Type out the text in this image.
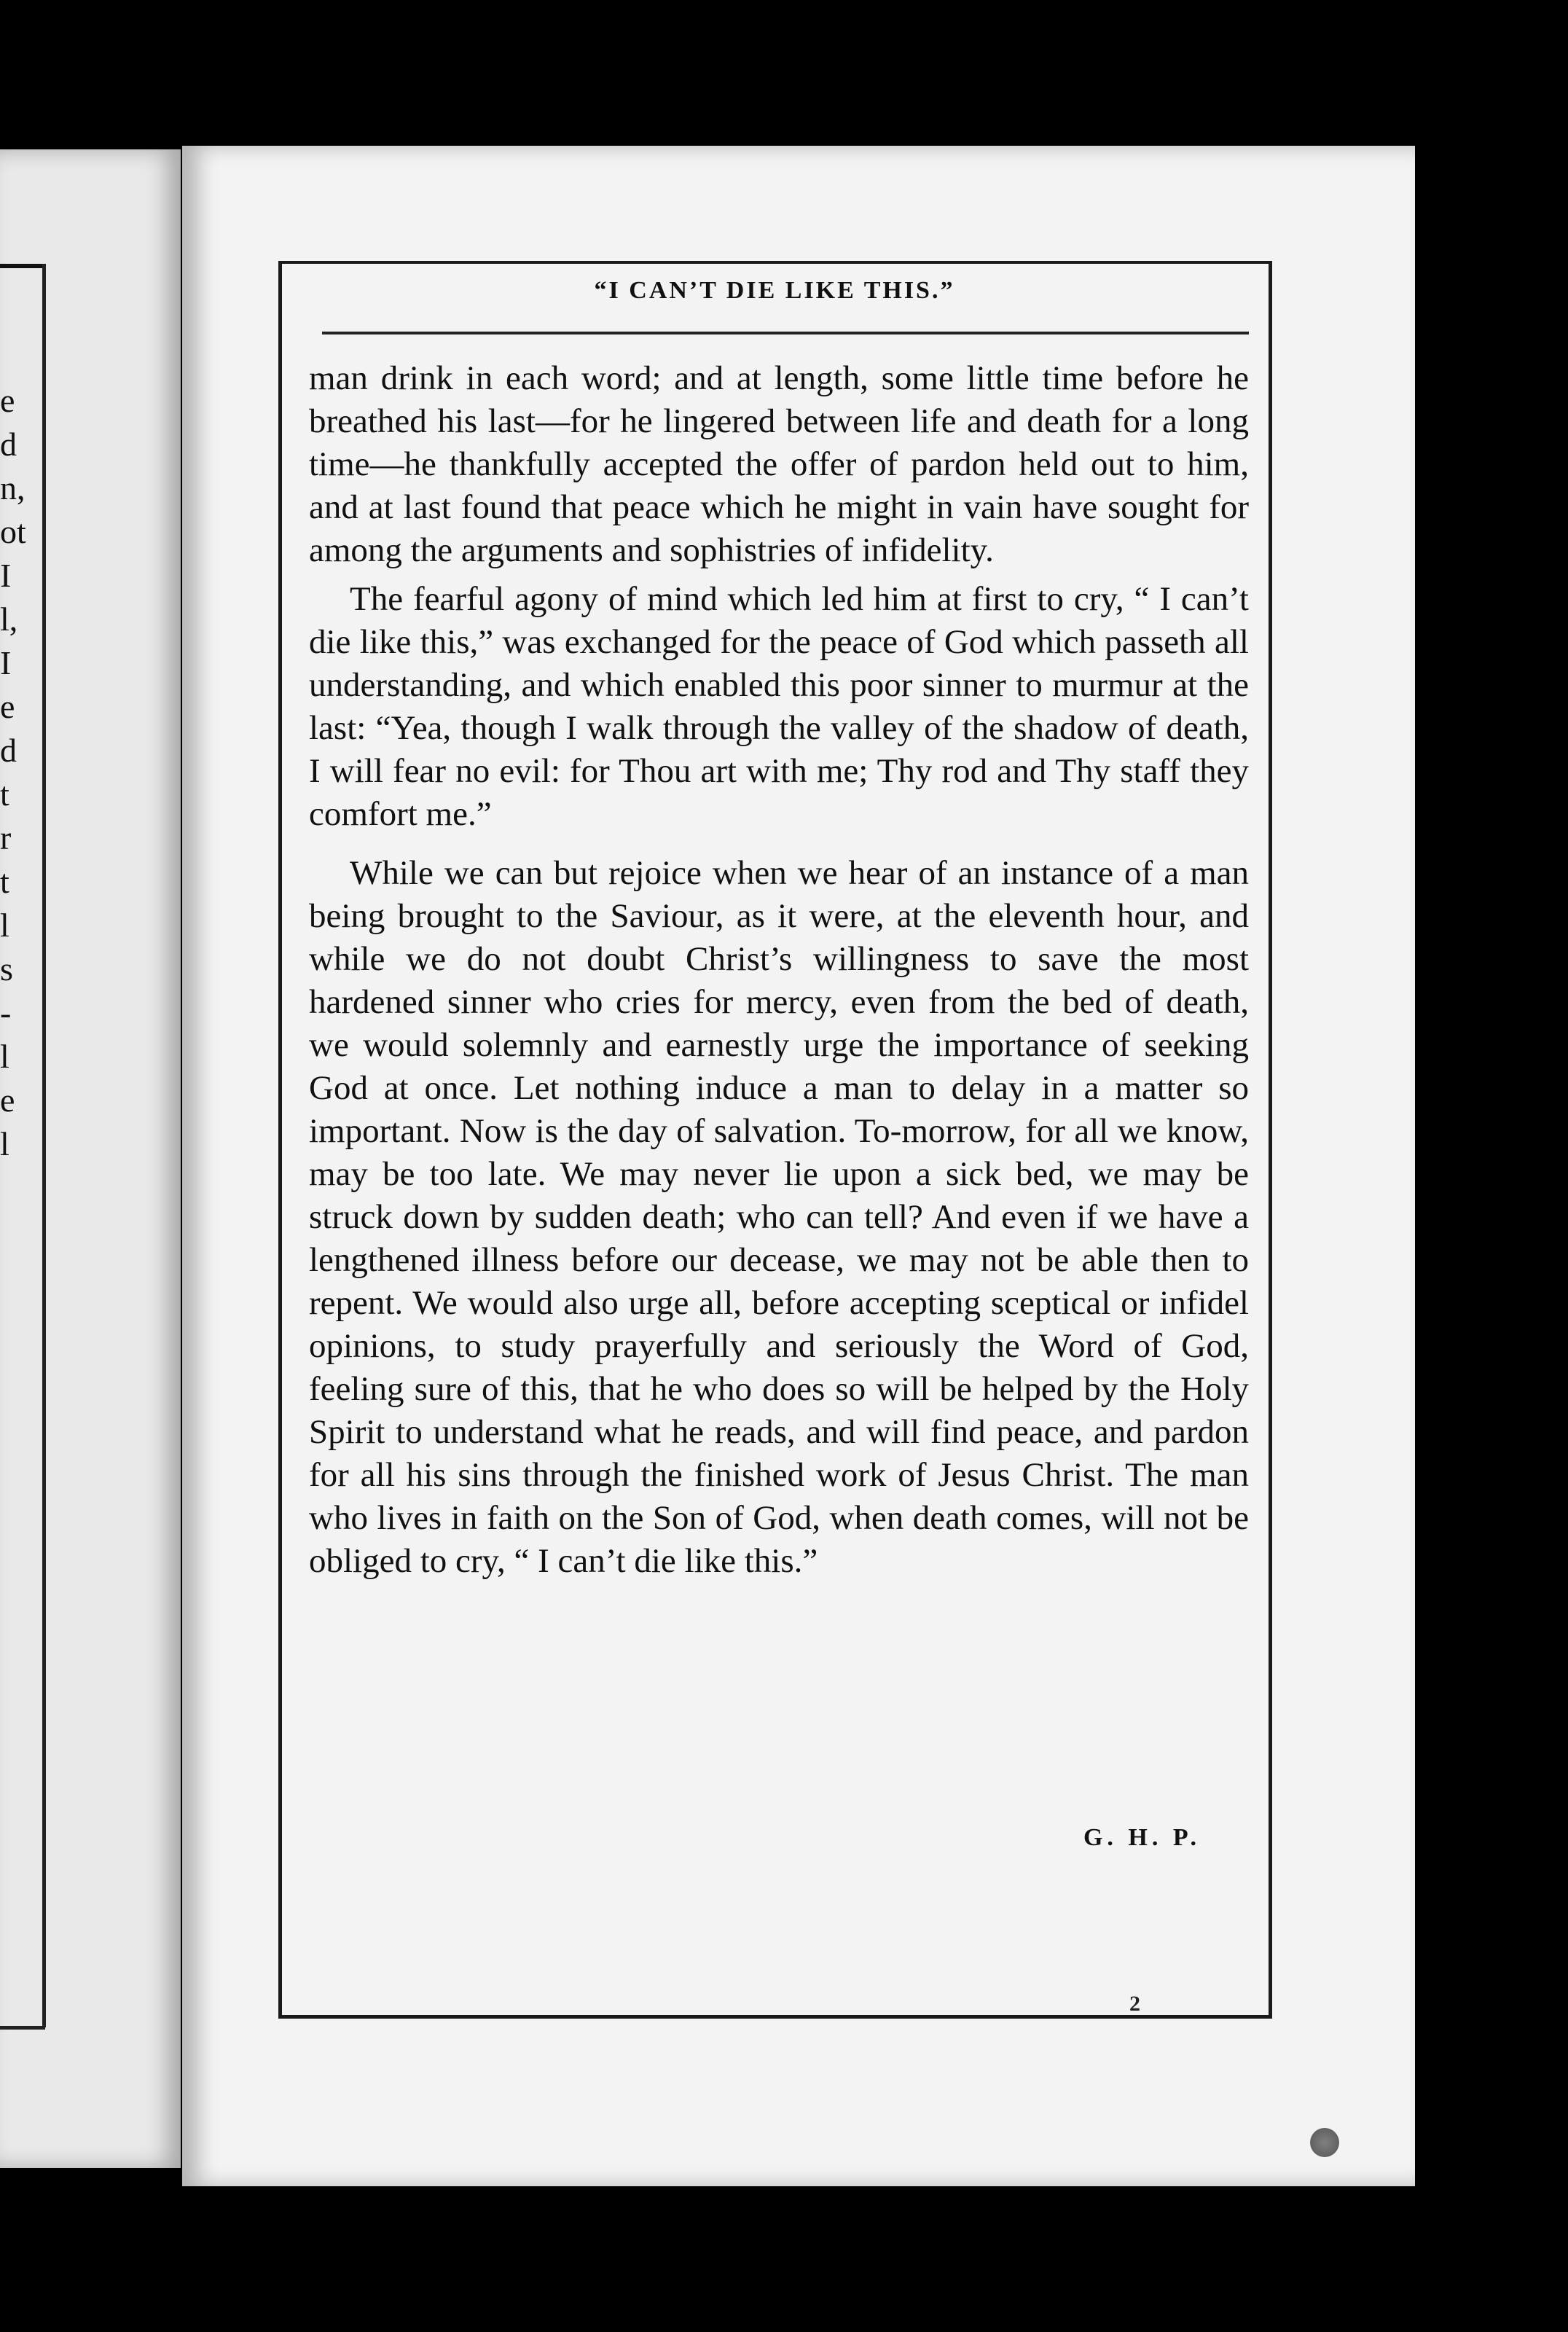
e
d
n,
ot
I
l,
I
e
d
t
r
t
l
s
-
l
e
l
“I CAN’T DIE LIKE THIS.”

man drink in each word; and at length, some little time before he breathed his last—for he lingered between life and death for a long time—he thankfully accepted the offer of pardon held out to him, and at last found that peace which he might in vain have sought for among the arguments and sophistries of infidelity.

The fearful agony of mind which led him at first to cry, “ I can’t die like this,” was exchanged for the peace of God which passeth all understanding, and which enabled this poor sinner to murmur at the last: “Yea, though I walk through the valley of the shadow of death, I will fear no evil: for Thou art with me; Thy rod and Thy staff they comfort me.”

While we can but rejoice when we hear of an instance of a man being brought to the Saviour, as it were, at the eleventh hour, and while we do not doubt Christ’s willingness to save the most hardened sinner who cries for mercy, even from the bed of death, we would solemnly and earnestly urge the importance of seeking God at once. Let nothing induce a man to delay in a matter so important. Now is the day of salvation. To-morrow, for all we know, may be too late. We may never lie upon a sick bed, we may be struck down by sudden death; who can tell? And even if we have a lengthened illness before our decease, we may not be able then to repent. We would also urge all, before accepting sceptical or infidel opinions, to study prayerfully and seriously the Word of God, feeling sure of this, that he who does so will be helped by the Holy Spirit to understand what he reads, and will find peace, and pardon for all his sins through the finished work of Jesus Christ. The man who lives in faith on the Son of God, when death comes, will not be obliged to cry, “ I can’t die like this.”

G. H. P.
2
